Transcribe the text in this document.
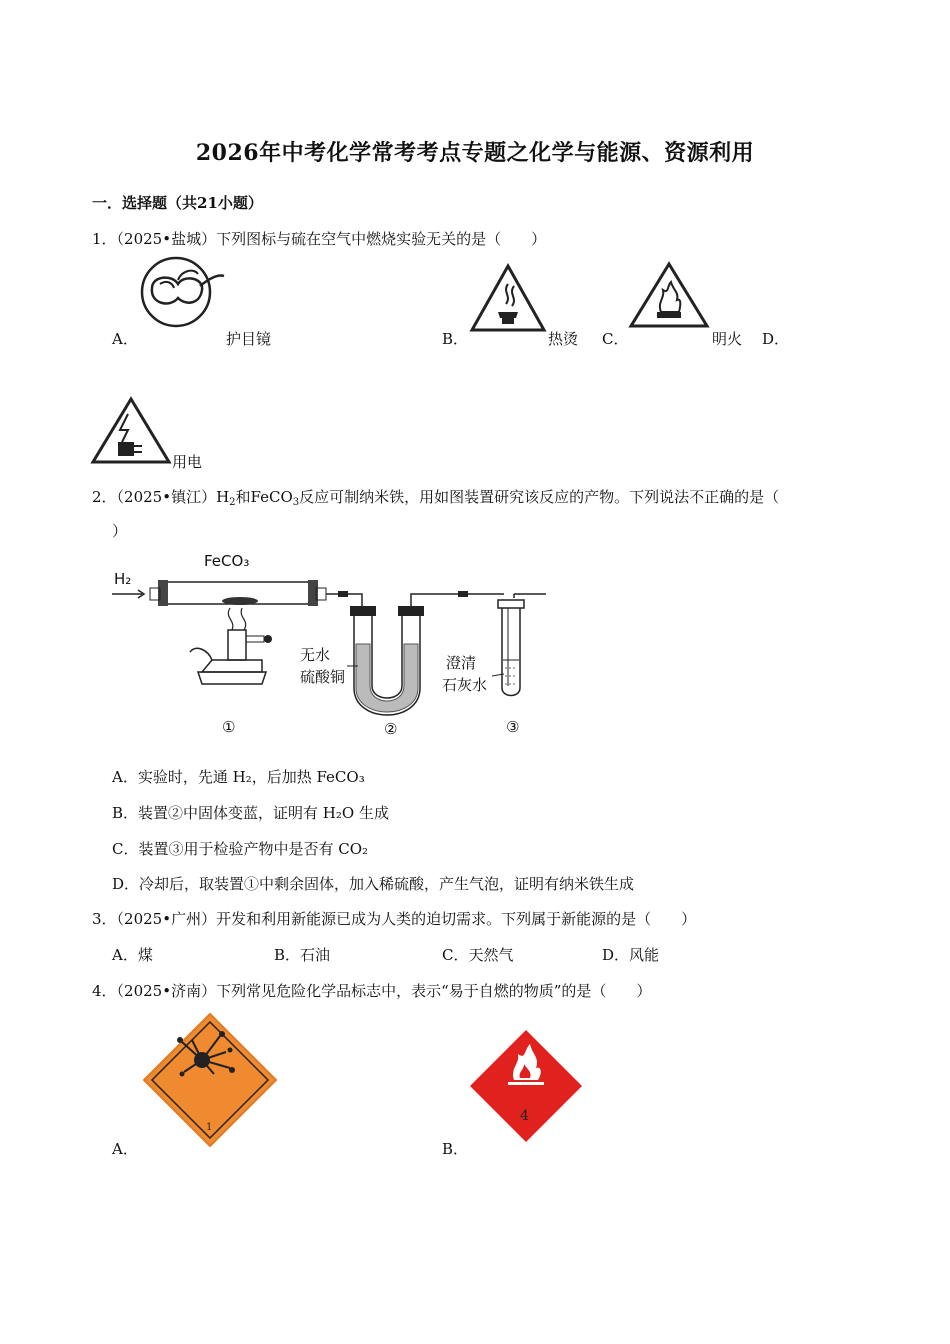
2026年中考化学常考考点专题之化学与能源、资源利用
一．选择题（共21小题）
1．（2025•盐城）下列图标与硫在空气中燃烧实验无关的是（　　）
A．	护目镜	B．	热烫 C．	明火 D．
用电
2．（2025•镇江）$H_2$和FeCO$_3$反应可制纳米铁，用如图装置研究该反应的产物。下列说法不正确的是（
）
H₂
FeCO₃
无水
硫酸铜
澄清
石灰水
①	②	③
A．实验时，先通 H₂，后加热 FeCO₃
B．装置②中固体变蓝，证明有 H₂O 生成
C．装置③用于检验产物中是否有 CO₂
D．冷却后，取装置①中剩余固体，加入稀硫酸，产生气泡，证明有纳米铁生成
3．（2025•广州）开发和利用新能源已成为人类的迫切需求。下列属于新能源的是（　　）
A．煤	B．石油	C．天然气	D．风能
4．（2025•济南）下列常见危险化学品标志中，表示“易于自燃的物质”的是（　　）
1
4
A．	B．
